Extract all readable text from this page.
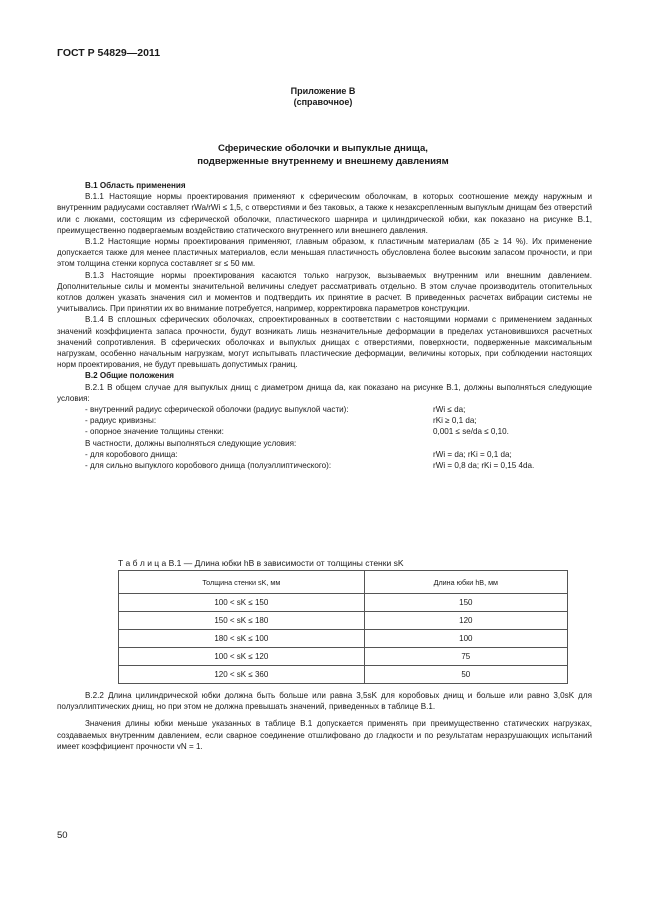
ГОСТ Р 54829—2011
Приложение В
(справочное)
Сферические оболочки и выпуклые днища,
подверженные внутреннему и внешнему давлениям

В.1 Область применения

В.1.1 Настоящие нормы проектирования применяют к сферическим оболочкам, в которых соотношение между наружным и внутренним радиусами составляет rWa/rWi ≤ 1,5, с отверстиями и без таковых, а также к незаксрепленным выпуклым днищам без отверстий или с люками, состоящим из сферической оболочки, пластического шарнира и цилиндрической юбки, как показано на рисунке В.1, преимущественно подвергаемым воздействию статического внутреннего или внешнего давления.

В.1.2 Настоящие нормы проектирования применяют, главным образом, к пластичным материалам (δ5 ≥ 14 %). Их применение допускается также для менее пластичных материалов, если меньшая пластичность обусловлена более высоким запасом прочности, и при этом толщина стенки корпуса составляет sr ≤ 50 мм.

В.1.3 Настоящие нормы проектирования касаются только нагрузок, вызываемых внутренним или внешним давлением. Дополнительные силы и моменты значительной величины следует рассматривать отдельно. В этом случае производитель отопительных котлов должен указать значения сил и моментов и подтвердить их принятие в расчет. В приведенных расчетах вибрации системы не учитывались. При принятии их во внимание потребуется, например, корректировка параметров конструкции.

В.1.4 В сплошных сферических оболочках, спроектированных в соответствии с настоящими нормами с применением заданных значений коэффициента запаса прочности, будут возникать лишь незначительные деформации в пределах установившихся расчетных значений сопротивления. В сферических оболочках и выпуклых днищах с отверстиями, поверхности, подверженные максимальным нагрузкам, особенно начальным нагрузкам, могут испытывать пластические деформации, величины которых, при соблюдении настоящих норм проектирования, не будут превышать допустимых границ.

В.2 Общие положения

В.2.1 В общем случае для выпуклых днищ с диаметром днища da, как показано на рисунке В.1, должны выполняться следующие условия:

- внутренний радиус сферической оболочки (радиус выпуклой части):	rWi ≤ da;
- радиус кривизны:	rKi ≥ 0,1 da;
- опорное значение толщины стенки:	0,001 ≤ se/da ≤ 0,10.

В частности, должны выполняться следующие условия:

- для коробового днища:	rWi = da; rKi = 0,1 da;
- для сильно выпуклого коробового днища (полуэллиптического):	rWi = 0,8 da; rKi = 0,15 4da.
Т а б л и ц а В.1 — Длина юбки hB в зависимости от толщины стенки sK
Толщина стенки sK, мм	Длина юбки hB, мм
100 < sK ≤ 150	150
150 < sK ≤ 180	120
180 < sK ≤ 100	100
100 < sK ≤ 120	75
120 < sK ≤ 360	50

В.2.2 Длина цилиндрической юбки должна быть больше или равна 3,5sK для коробовых днищ и больше или равно 3,0sK для полуэллиптических днищ, но при этом не должна превышать значений, приведенных в таблице В.1.

Значения длины юбки меньше указанных в таблице В.1 допускается применять при преимущественно статических нагрузках, создаваемых внутренним давлением, если сварное соединение отшлифовано до гладкости и по результатам неразрушающих испытаний имеет коэффициент прочности vN = 1.

50
